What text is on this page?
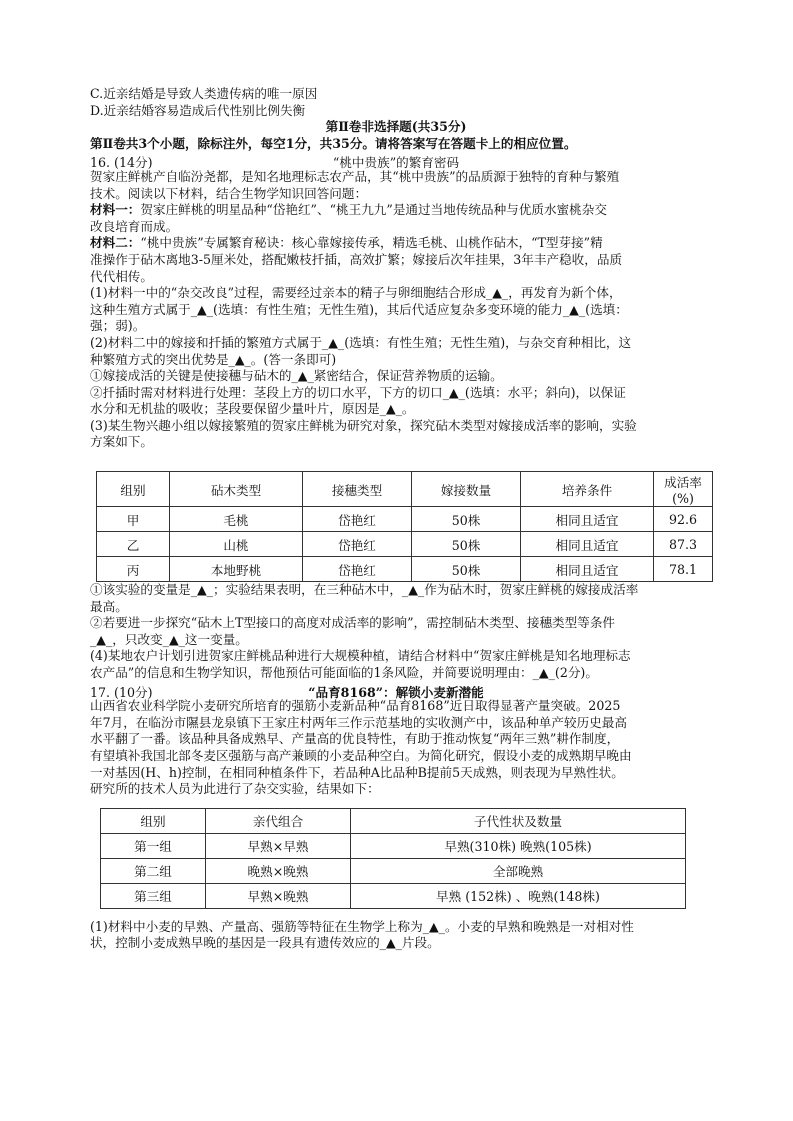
C.近亲结婚是导致人类遗传病的唯一原因
D.近亲结婚容易造成后代性别比例失衡
第Ⅱ卷非选择题(共35分)
第Ⅱ卷共3个小题，除标注外，每空1分，共35分。请将答案写在答题卡上的相应位置。
16. (14分)	“桃中贵族”的繁育密码
贺家庄鲜桃产自临汾尧都，是知名地理标志农产品，其“桃中贵族”的品质源于独特的育种与繁殖
技术。阅读以下材料，结合生物学知识回答问题：
材料一：贺家庄鲜桃的明星品种“岱艳红”、“桃王九九”是通过当地传统品种与优质水蜜桃杂交
改良培育而成。
材料二：“桃中贵族”专属繁育秘诀：核心靠嫁接传承，精选毛桃、山桃作砧木，“T型芽接”精
准操作于砧木离地3-5厘米处，搭配嫩枝扦插，高效扩繁；嫁接后次年挂果，3年丰产稳收，品质
代代相传。
(1)材料一中的“杂交改良”过程，需要经过亲本的精子与卵细胞结合形成_▲_，再发育为新个体，
这种生殖方式属于_▲_(选填：有性生殖；无性生殖)，其后代适应复杂多变环境的能力_▲_(选填：
强；弱)。
(2)材料二中的嫁接和扦插的繁殖方式属于_▲_(选填：有性生殖；无性生殖)，与杂交育种相比，这
种繁殖方式的突出优势是_▲_。(答一条即可)
①嫁接成活的关键是使接穗与砧木的_▲_紧密结合，保证营养物质的运输。
②扦插时需对材料进行处理：茎段上方的切口水平，下方的切口_▲_(选填：水平；斜向)，以保证
水分和无机盐的吸收；茎段要保留少量叶片，原因是_▲_。
(3)某生物兴趣小组以嫁接繁殖的贺家庄鲜桃为研究对象，探究砧木类型对嫁接成活率的影响，实验
方案如下。
组别	砧木类型	接穗类型	嫁接数量	培养条件	成活率 (%)
甲	毛桃	岱艳红	50株	相同且适宜	92.6
乙	山桃	岱艳红	50株	相同且适宜	87.3
丙	本地野桃	岱艳红	50株	相同且适宜	78.1
①该实验的变量是_▲_；实验结果表明，在三种砧木中，_▲_作为砧木时，贺家庄鲜桃的嫁接成活率
最高。
②若要进一步探究“砧木上T型接口的高度对成活率的影响”，需控制砧木类型、接穗类型等条件
_▲_，只改变_▲_这一变量。
(4)某地农户计划引进贺家庄鲜桃品种进行大规模种植，请结合材料中“贺家庄鲜桃是知名地理标志
农产品”的信息和生物学知识，帮他预估可能面临的1条风险，并简要说明理由：_▲_(2分)。
17. (10分)	“品育8168”：解锁小麦新潜能
山西省农业科学院小麦研究所培育的强筋小麦新品种“品育8168”近日取得显著产量突破。2025
年7月，在临汾市隰县龙泉镇下王家庄村两年三作示范基地的实收测产中，该品种单产较历史最高
水平翻了一番。该品种具备成熟早、产量高的优良特性，有助于推动恢复“两年三熟”耕作制度，
有望填补我国北部冬麦区强筋与高产兼顾的小麦品种空白。为简化研究，假设小麦的成熟期早晚由
一对基因(H、h)控制，在相同种植条件下，若品种A比品种B提前5天成熟，则表现为早熟性状。
研究所的技术人员为此进行了杂交实验，结果如下：
组别	亲代组合	子代性状及数量
第一组	早熟×早熟	早熟(310株) 晚熟(105株)
第二组	晚熟×晚熟	全部晚熟
第三组	早熟×晚熟	早熟 (152株) 、晚熟(148株)
(1)材料中小麦的早熟、产量高、强筋等特征在生物学上称为_▲_。小麦的早熟和晚熟是一对相对性
状，控制小麦成熟早晚的基因是一段具有遗传效应的_▲_片段。
